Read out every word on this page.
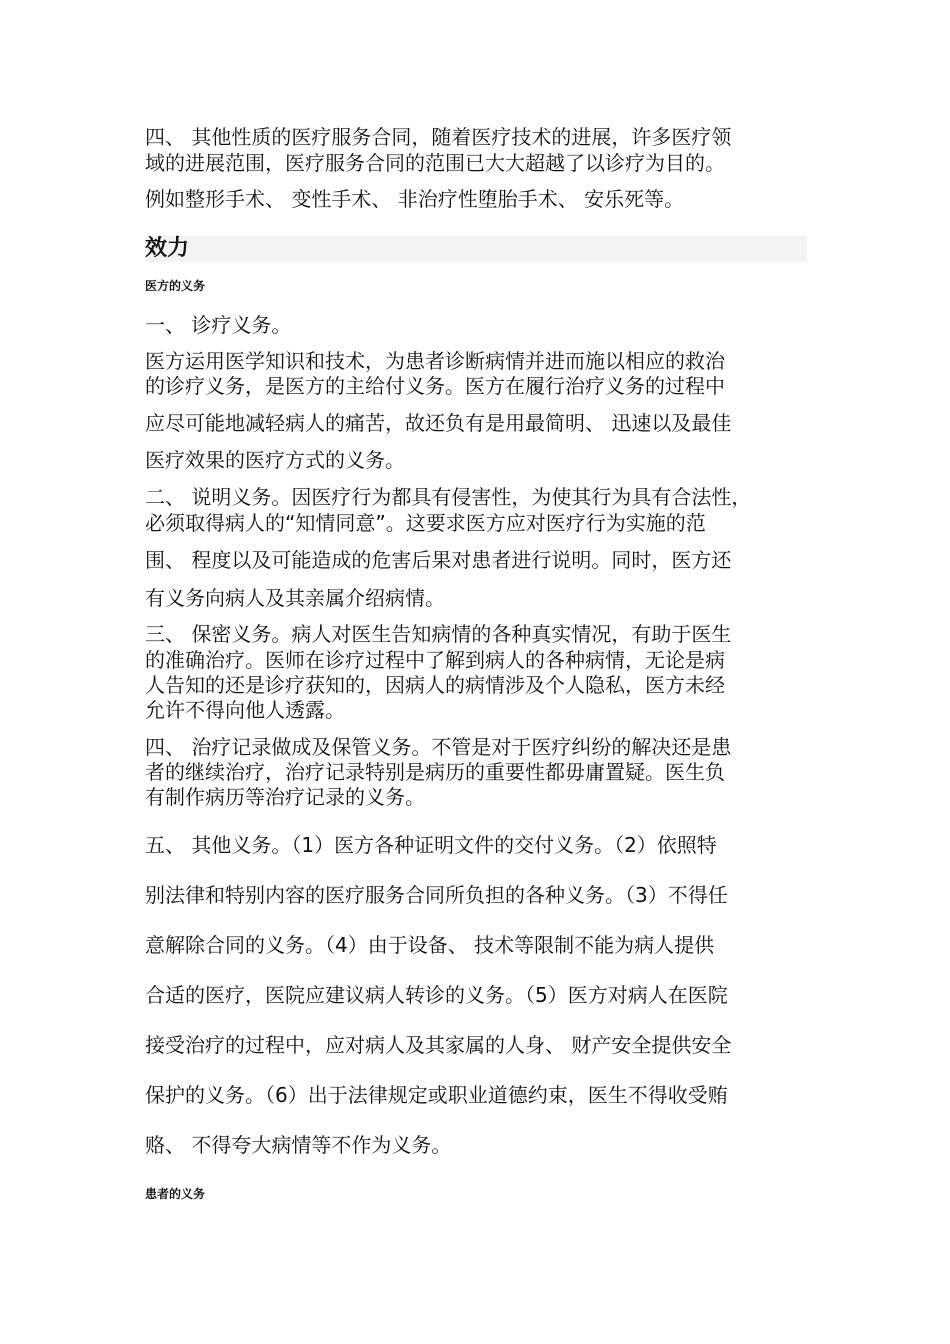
四、 其他性质的医疗服务合同，随着医疗技术的进展，许多医疗领
域的进展范围，医疗服务合同的范围已大大超越了以诊疗为目的。
例如整形手术、 变性手术、 非治疗性堕胎手术、 安乐死等。
效力
医方的义务
一、 诊疗义务。
医方运用医学知识和技术，为患者诊断病情并进而施以相应的救治
的诊疗义务，是医方的主给付义务。医方在履行治疗义务的过程中
应尽可能地减轻病人的痛苦，故还负有是用最简明、 迅速以及最佳
医疗效果的医疗方式的义务。
二、 说明义务。因医疗行为都具有侵害性，为使其行为具有合法性，
必须取得病人的“知情同意”。这要求医方应对医疗行为实施的范
围、 程度以及可能造成的危害后果对患者进行说明。同时，医方还
有义务向病人及其亲属介绍病情。
三、 保密义务。病人对医生告知病情的各种真实情况，有助于医生
的准确治疗。医师在诊疗过程中了解到病人的各种病情，无论是病
人告知的还是诊疗获知的，因病人的病情涉及个人隐私，医方未经
允许不得向他人透露。
四、 治疗记录做成及保管义务。不管是对于医疗纠纷的解决还是患
者的继续治疗，治疗记录特别是病历的重要性都毋庸置疑。医生负
有制作病历等治疗记录的义务。
五、 其他义务。（1）医方各种证明文件的交付义务。（2）依照特
别法律和特别内容的医疗服务合同所负担的各种义务。（3）不得任
意解除合同的义务。（4）由于设备、 技术等限制不能为病人提供
合适的医疗，医院应建议病人转诊的义务。（5）医方对病人在医院
接受治疗的过程中，应对病人及其家属的人身、 财产安全提供安全
保护的义务。（6）出于法律规定或职业道德约束，医生不得收受贿
赂、 不得夸大病情等不作为义务。
患者的义务
